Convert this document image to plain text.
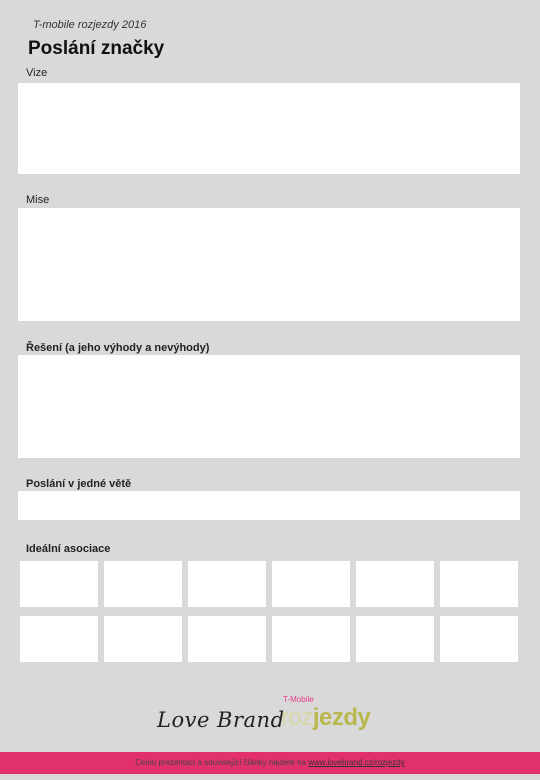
T-mobile rozjezdy 2016
Poslání značky
Vize
Mise
Řešení (a jeho výhody a nevýhody)
Poslání v jedné větě
Ideální asociace
Love Brand
T-Mobile
rozjezdy
Celou prezentaci a související články najdete na www.lovebrand.cz/rozjezdy
